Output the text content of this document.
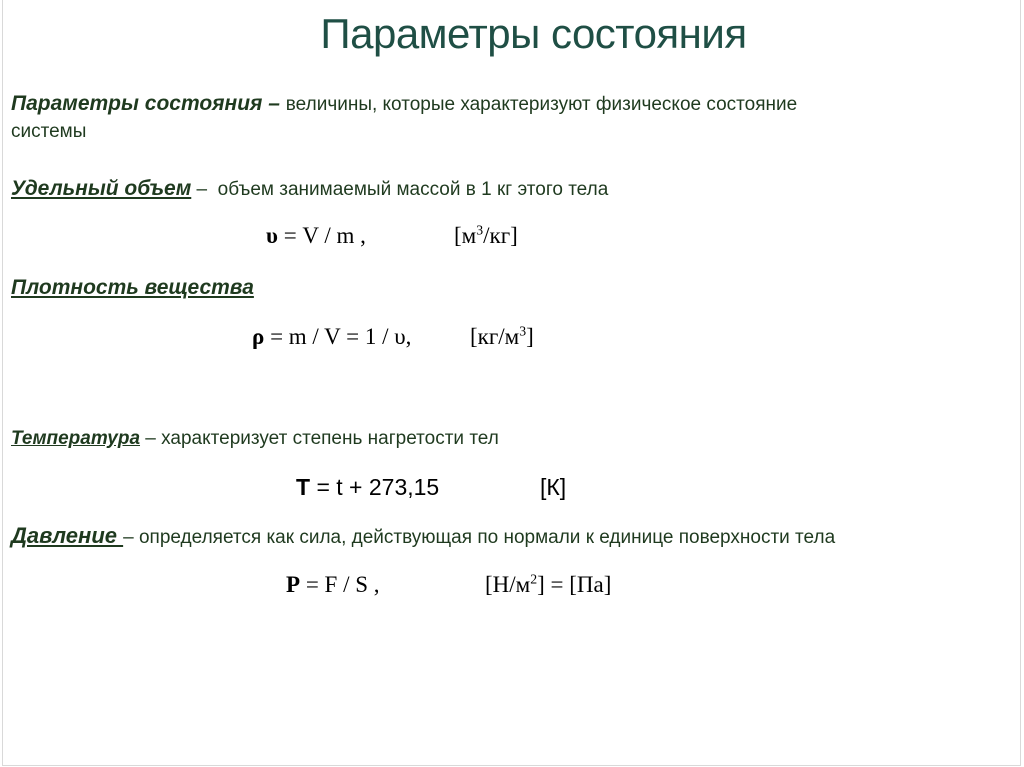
Параметры состояния
Параметры состояния – величины, которые характеризуют физическое состояние
системы
Удельный объем –  объем занимаемый массой в 1 кг этого тела
υ = V / m ,	$[м^3/кг]$
Плотность вещества
ρ = m / V = 1 / υ,	$[кг/м^3]$
Температура – характеризует степень нагретости тел
T = t + 273,15	[К]
Давление – определяется как сила, действующая по нормали к единице поверхности тела
P = F / S ,	$[Н/м^2] = [Па]$
